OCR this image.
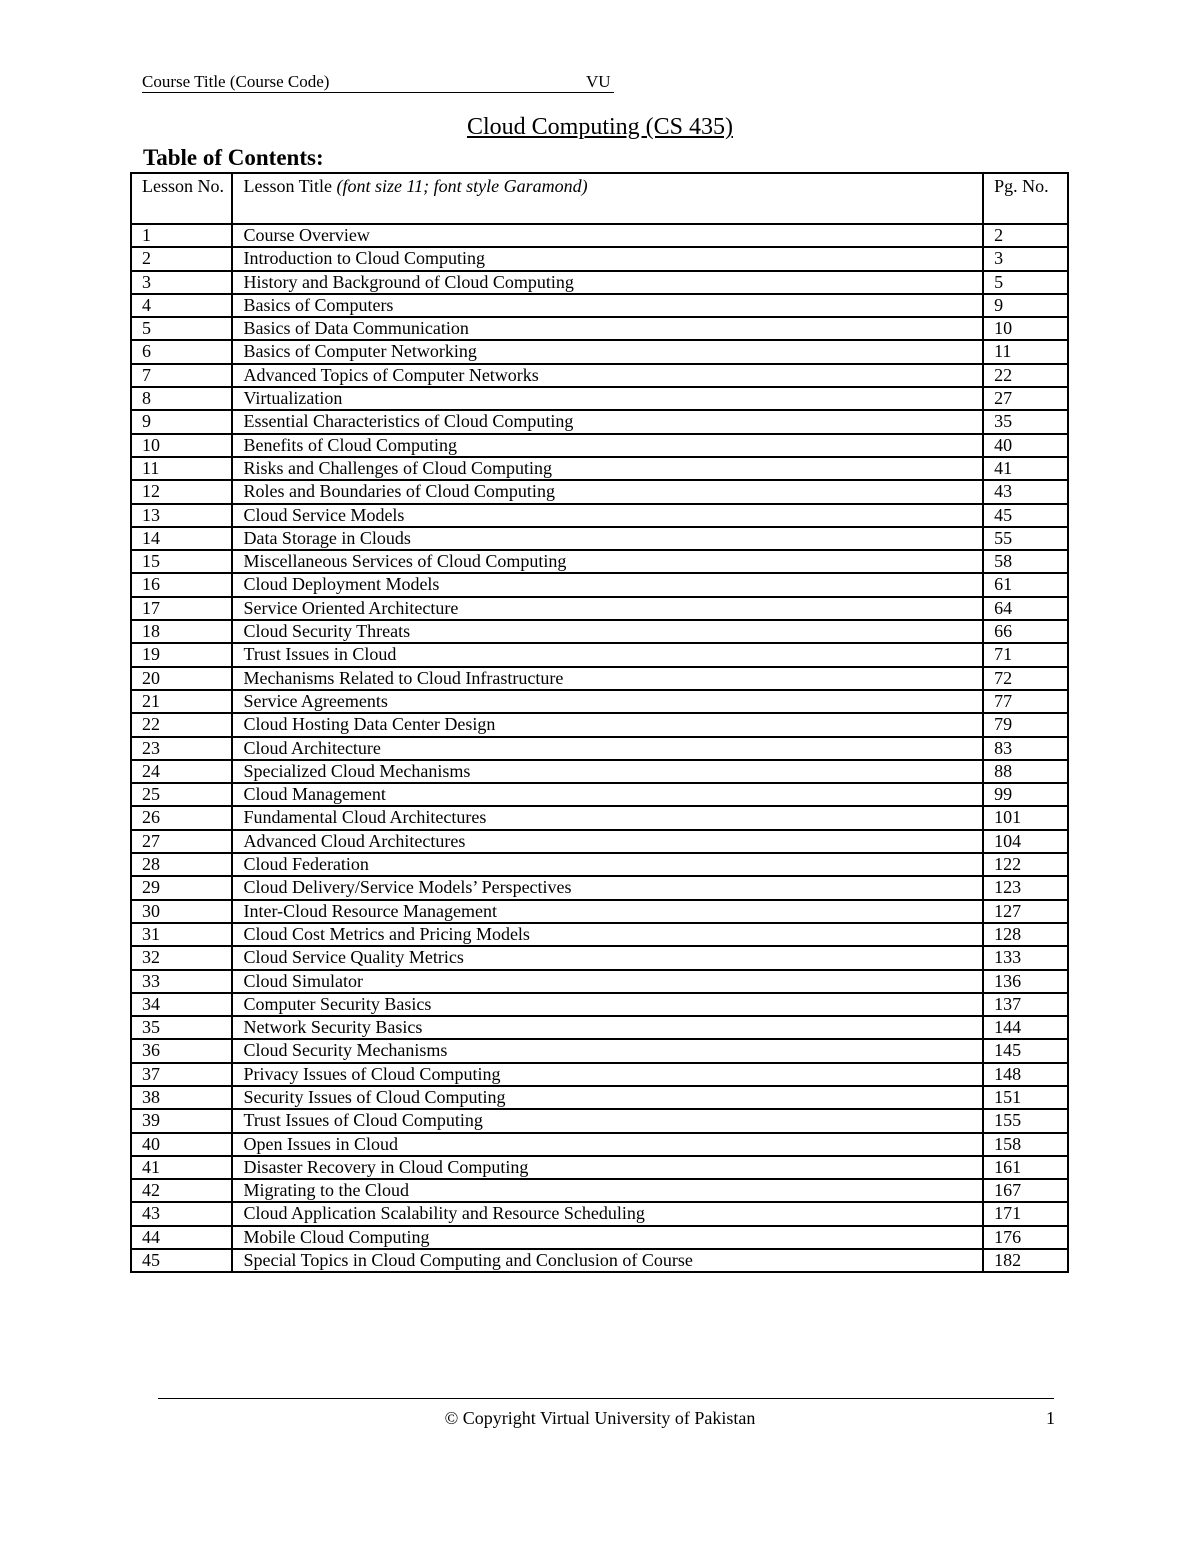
Course Title (Course Code)	VU
Cloud Computing (CS 435)
Table of Contents:
Lesson No.	Lesson Title (font size 11; font style Garamond)	Pg. No.
1	Course Overview	2
2	Introduction to Cloud Computing	3
3	History and Background of Cloud Computing	5
4	Basics of Computers	9
5	Basics of Data Communication	10
6	Basics of Computer Networking	11
7	Advanced Topics of Computer Networks	22
8	Virtualization	27
9	Essential Characteristics of Cloud Computing	35
10	Benefits of Cloud Computing	40
11	Risks and Challenges of Cloud Computing	41
12	Roles and Boundaries of Cloud Computing	43
13	Cloud Service Models	45
14	Data Storage in Clouds	55
15	Miscellaneous Services of Cloud Computing	58
16	Cloud Deployment Models	61
17	Service Oriented Architecture	64
18	Cloud Security Threats	66
19	Trust Issues in Cloud	71
20	Mechanisms Related to Cloud Infrastructure	72
21	Service Agreements	77
22	Cloud Hosting Data Center Design	79
23	Cloud Architecture	83
24	Specialized Cloud Mechanisms	88
25	Cloud Management	99
26	Fundamental Cloud Architectures	101
27	Advanced Cloud Architectures	104
28	Cloud Federation	122
29	Cloud Delivery/Service Models’ Perspectives	123
30	Inter-Cloud Resource Management	127
31	Cloud Cost Metrics and Pricing Models	128
32	Cloud Service Quality Metrics	133
33	Cloud Simulator	136
34	Computer Security Basics	137
35	Network Security Basics	144
36	Cloud Security Mechanisms	145
37	Privacy Issues of Cloud Computing	148
38	Security Issues of Cloud Computing	151
39	Trust Issues of Cloud Computing	155
40	Open Issues in Cloud	158
41	Disaster Recovery in Cloud Computing	161
42	Migrating to the Cloud	167
43	Cloud Application Scalability and Resource Scheduling	171
44	Mobile Cloud Computing	176
45	Special Topics in Cloud Computing and Conclusion of Course	182
© Copyright Virtual University of Pakistan	1
